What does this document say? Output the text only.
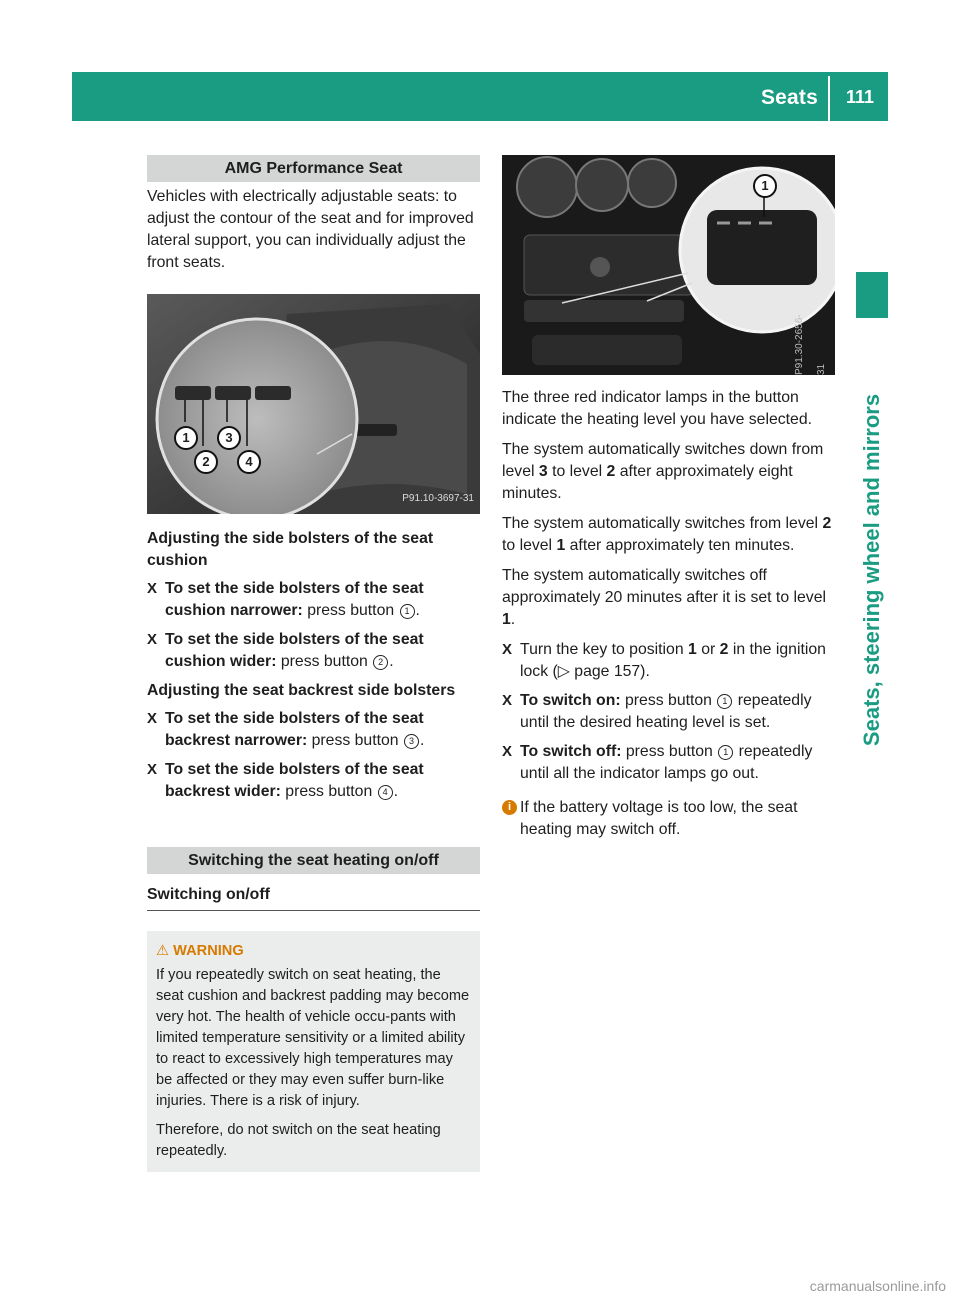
Seats 111
Seats, steering wheel and mirrors
AMG Performance Seat

Vehicles with electrically adjustable seats: to adjust the contour of the seat and for improved lateral support, you can individually adjust the front seats.

1
2
3
4
P91.10-3697-31
Adjusting the side bolsters of the seat cushion
X To set the side bolsters of the seat cushion narrower: press button 1 .
X To set the side bolsters of the seat cushion wider: press button 2 .
Adjusting the seat backrest side bolsters
X To set the side bolsters of the seat backrest narrower: press button 3 .
X To set the side bolsters of the seat backrest wider: press button 4 .
Switching the seat heating on/off
Switching on/off
⚠ WARNING

If you repeatedly switch on seat heating, the seat cushion and backrest padding may become very hot. The health of vehicle occu-pants with limited temperature sensitivity or a limited ability to react to excessively high temperatures may be affected or they may even suffer burn-like injuries. There is a risk of injury.

Therefore, do not switch on the seat heating repeatedly.

1
P91.30-2656-31

The three red indicator lamps in the button indicate the heating level you have selected.

The system automatically switches down from level 3 to level 2 after approximately eight minutes.

The system automatically switches from level 2 to level 1 after approximately ten minutes.

The system automatically switches off approximately 20 minutes after it is set to level 1.

X Turn the key to position 1 or 2 in the ignition lock (▷ page 157).
X To switch on: press button 1 repeatedly until the desired heating level is set.
X To switch off: press button 1 repeatedly until all the indicator lamps go out.
i If the battery voltage is too low, the seat heating may switch off.
carmanualsonline.info
